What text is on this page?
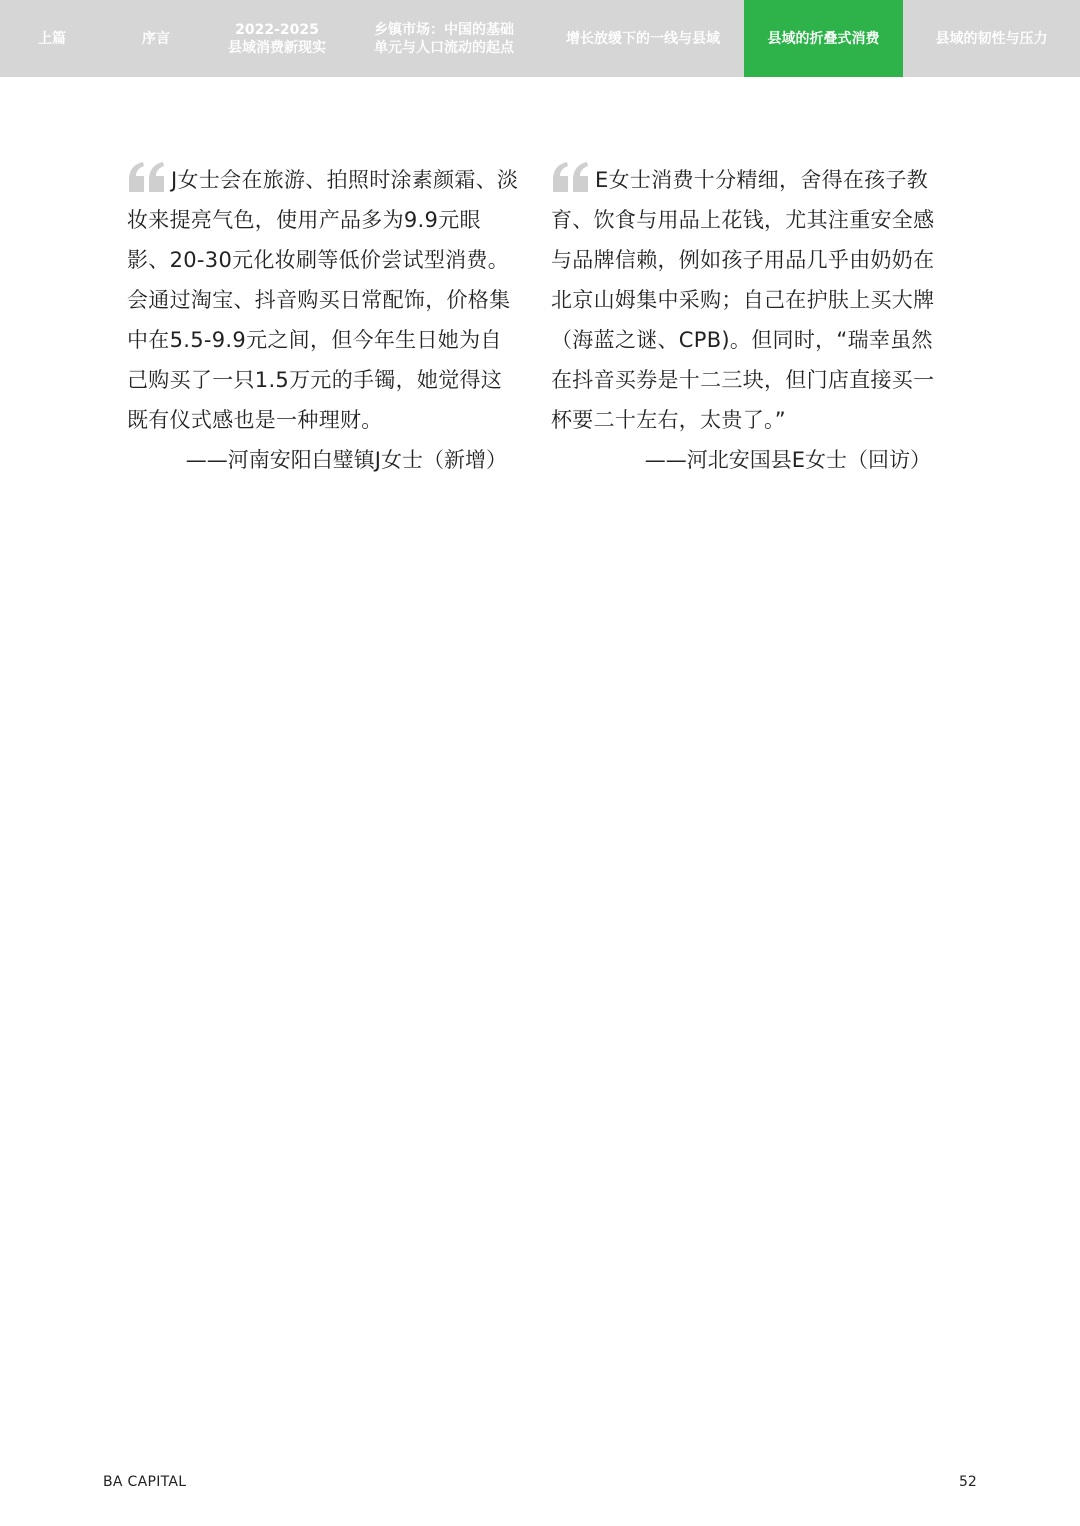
上篇	序言
2022-2025
县域消费新现实
乡镇市场：中国的基础
单元与人口流动的起点
增长放缓下的一线与县域	县域的折叠式消费	县域的韧性与压力

J女士会在旅游、拍照时涂素颜霜、淡妆来提亮气色，使用产品多为9.9元眼影、20-30元化妆刷等低价尝试型消费。会通过淘宝、抖音购买日常配饰，价格集中在5.5-9.9元之间，但今年生日她为自己购买了一只1.5万元的手镯，她觉得这既有仪式感也是一种理财。

——河南安阳白璧镇J女士（新增）

E女士消费十分精细，舍得在孩子教育、饮食与用品上花钱，尤其注重安全感与品牌信赖，例如孩子用品几乎由奶奶在北京山姆集中采购；自己在护肤上买大牌（海蓝之谜、CPB)。但同时，“瑞幸虽然在抖音买券是十二三块，但门店直接买一杯要二十左右，太贵了。”

——河北安国县E女士（回访）

BA CAPITAL	52
